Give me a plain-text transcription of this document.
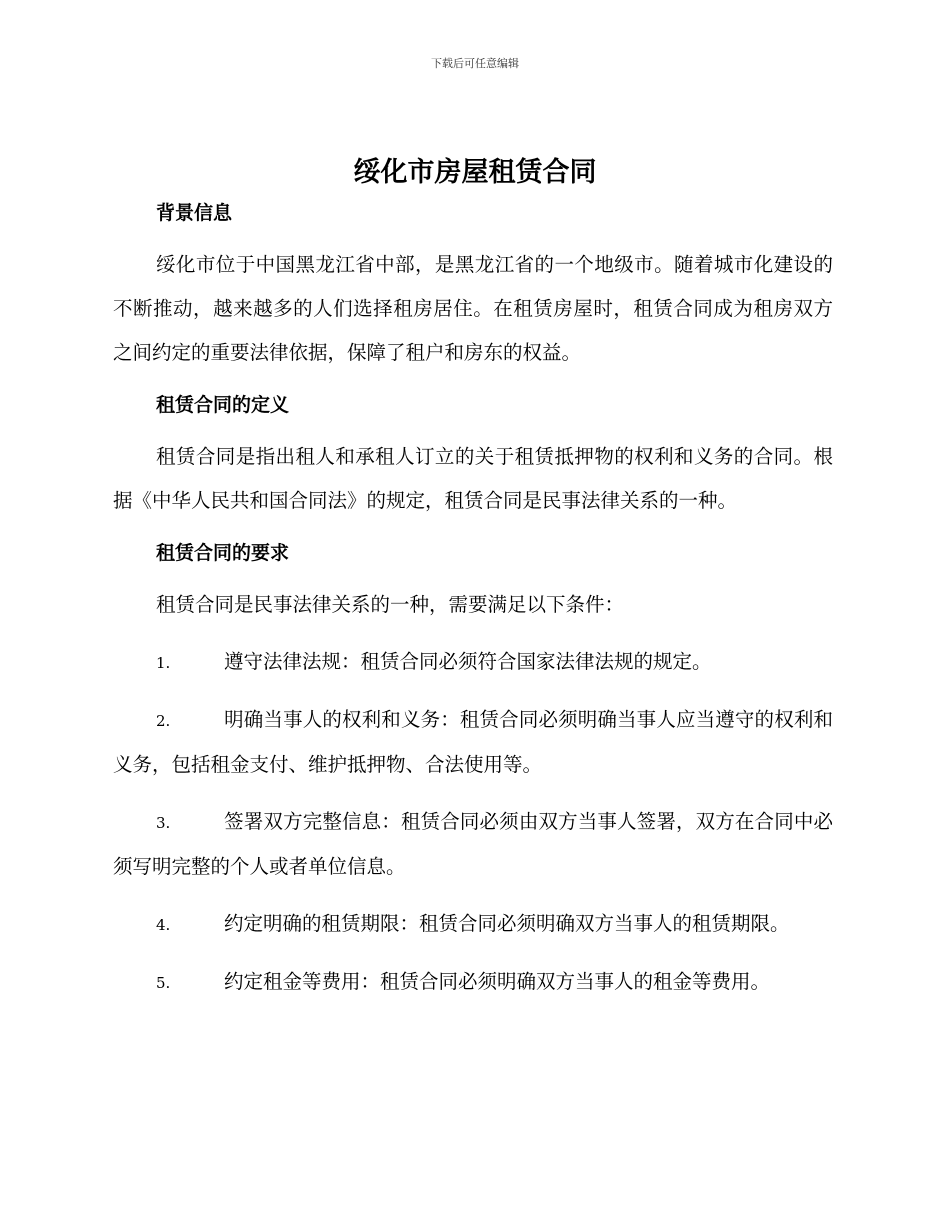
下载后可任意编辑
绥化市房屋租赁合同

背景信息

绥化市位于中国黑龙江省中部，是黑龙江省的一个地级市。随着城市化建设的不断推动，越来越多的人们选择租房居住。在租赁房屋时，租赁合同成为租房双方之间约定的重要法律依据，保障了租户和房东的权益。

租赁合同的定义

租赁合同是指出租人和承租人订立的关于租赁抵押物的权利和义务的合同。根据《中华人民共和国合同法》的规定，租赁合同是民事法律关系的一种。

租赁合同的要求

租赁合同是民事法律关系的一种，需要满足以下条件：

1.	遵守法律法规：租赁合同必须符合国家法律法规的规定。

2.	明确当事人的权利和义务：租赁合同必须明确当事人应当遵守的权利和义务，包括租金支付、维护抵押物、合法使用等。

3.	签署双方完整信息：租赁合同必须由双方当事人签署，双方在合同中必须写明完整的个人或者单位信息。

4.	约定明确的租赁期限：租赁合同必须明确双方当事人的租赁期限。

5.	约定租金等费用：租赁合同必须明确双方当事人的租金等费用。
